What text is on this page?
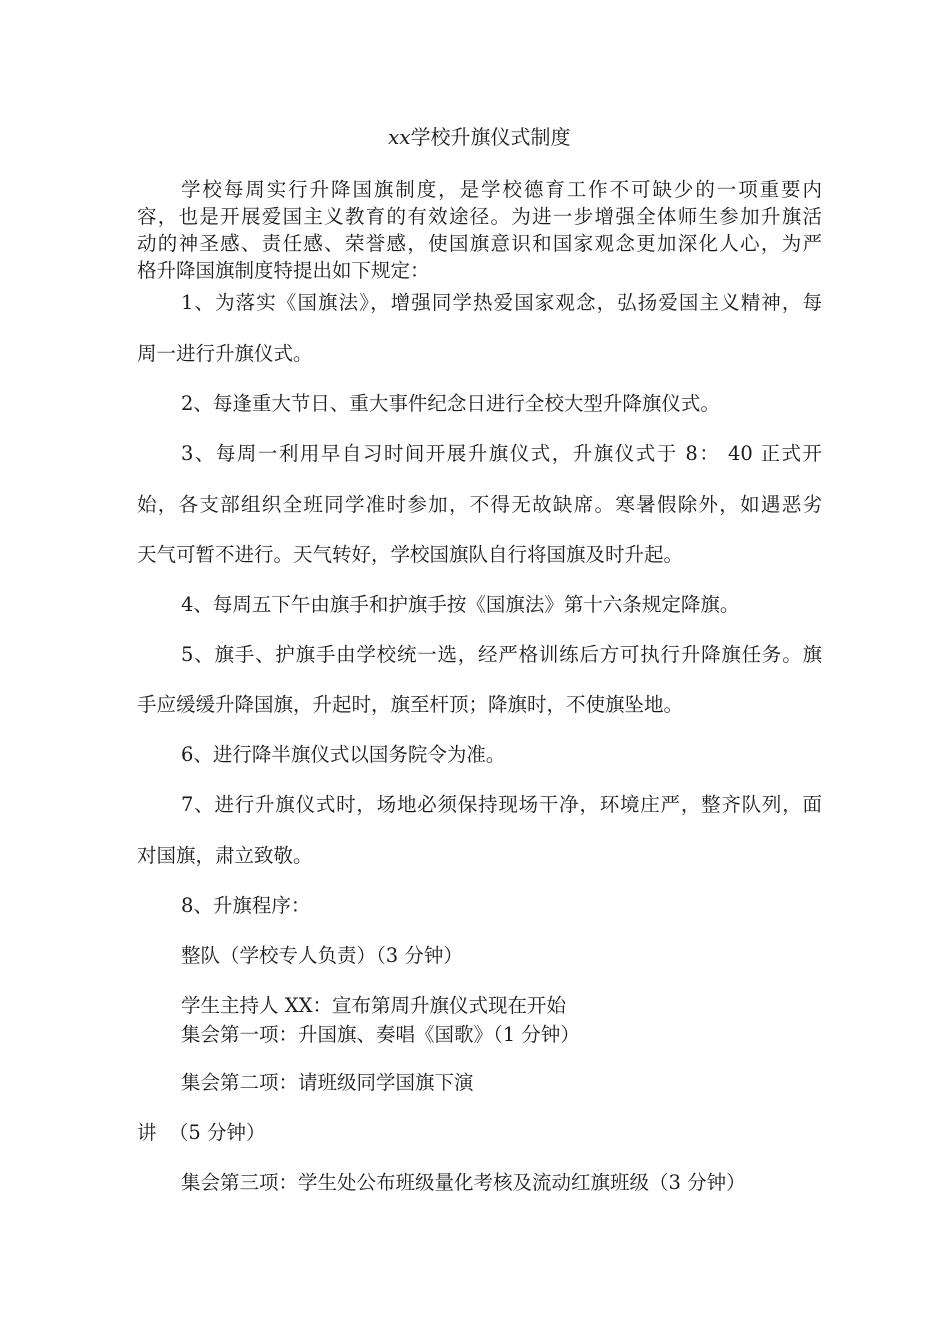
xx学校升旗仪式制度

学校每周实行升降国旗制度，是学校德育工作不可缺少的一项重要内

容，也是开展爱国主义教育的有效途径。为进一步增强全体师生参加升旗活

动的神圣感、责任感、荣誉感，使国旗意识和国家观念更加深化人心，为严

格升降国旗制度特提出如下规定：

1、为落实《国旗法》，增强同学热爱国家观念，弘扬爱国主义精神，每

周一进行升旗仪式。

2、每逢重大节日、重大事件纪念日进行全校大型升降旗仪式。

3、每周一利用早自习时间开展升旗仪式，升旗仪式于 8： 40 正式开

始，各支部组织全班同学准时参加，不得无故缺席。寒暑假除外，如遇恶劣

天气可暂不进行。天气转好，学校国旗队自行将国旗及时升起。

4、每周五下午由旗手和护旗手按《国旗法》第十六条规定降旗。

5、旗手、护旗手由学校统一选，经严格训练后方可执行升降旗任务。旗

手应缓缓升降国旗，升起时，旗至杆顶；降旗时，不使旗坠地。

6、进行降半旗仪式以国务院令为准。

7、进行升旗仪式时，场地必须保持现场干净，环境庄严，整齐队列，面

对国旗，肃立致敬。

8、升旗程序：

整队（学校专人负责）（3 分钟）

学生主持人 XX：宣布第周升旗仪式现在开始

集会第一项：升国旗、奏唱《国歌》（1 分钟）

集会第二项：请班级同学国旗下演

讲  （5 分钟）

集会第三项：学生处公布班级量化考核及流动红旗班级（3 分钟）
